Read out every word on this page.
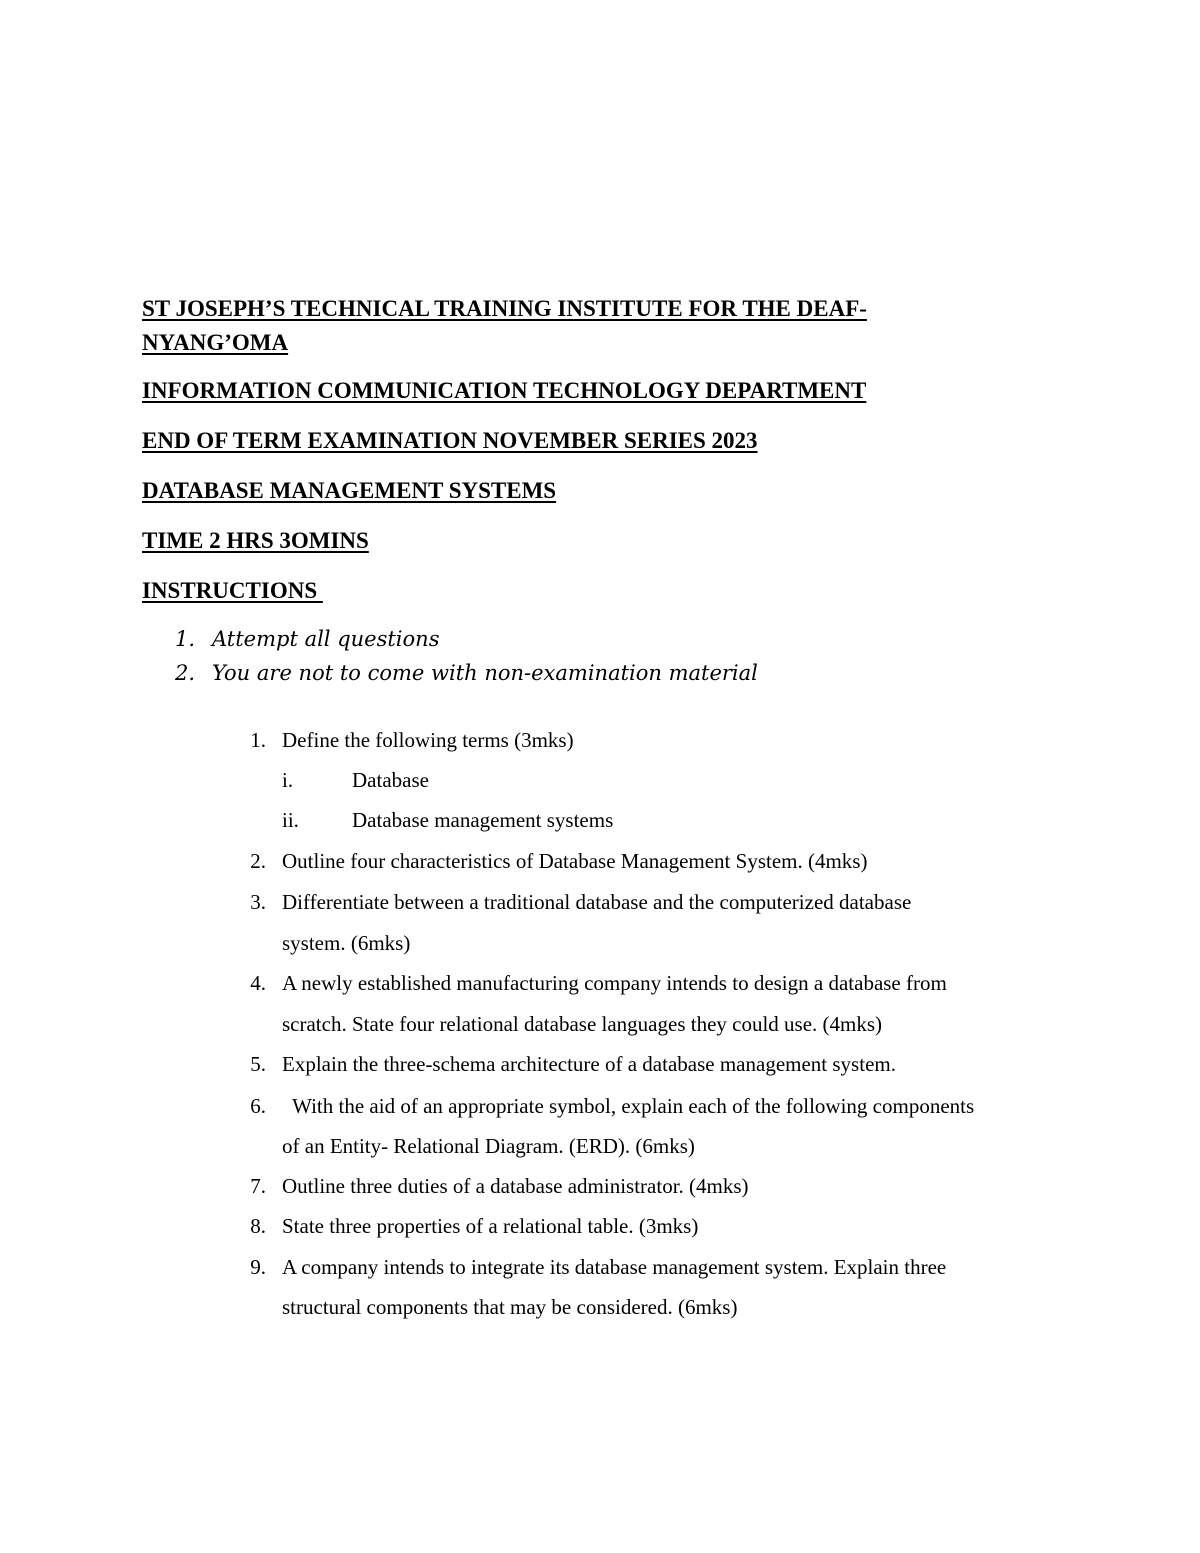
ST JOSEPH’S TECHNICAL TRAINING INSTITUTE FOR THE DEAF-

NYANG’OMA

INFORMATION COMMUNICATION TECHNOLOGY DEPARTMENT

END OF TERM EXAMINATION NOVEMBER SERIES 2023

DATABASE MANAGEMENT SYSTEMS

TIME 2 HRS 3OMINS

INSTRUCTIONS

1. Attempt all questions
2. You are not to come with non-examination material
1. Define the following terms (3mks)
i.	Database
ii.	Database management systems
2. Outline four characteristics of Database Management System. (4mks)
3. Differentiate between a traditional database and the computerized database
system. (6mks)
4. A newly established manufacturing company intends to design a database from
scratch. State four relational database languages they could use. (4mks)
5. Explain the three-schema architecture of a database management system.
6. With the aid of an appropriate symbol, explain each of the following components
of an Entity- Relational Diagram. (ERD). (6mks)
7. Outline three duties of a database administrator. (4mks)
8. State three properties of a relational table. (3mks)
9. A company intends to integrate its database management system. Explain three
structural components that may be considered. (6mks)
